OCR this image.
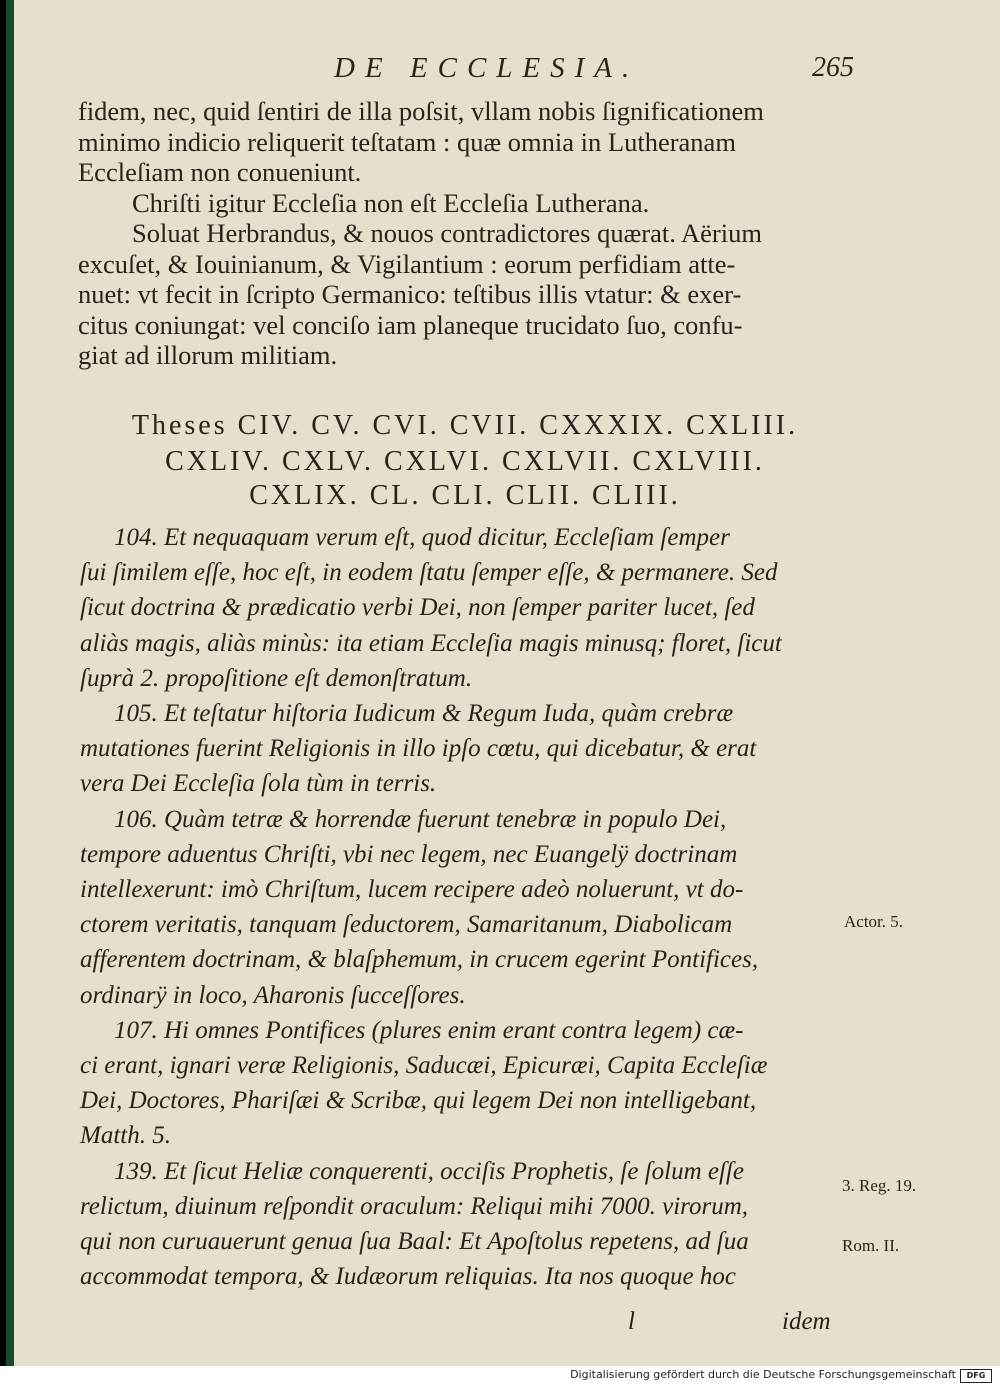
DE ECCLESIA.	265
l	idem
Actor. 5.
3. Reg. 19.
Rom. II.
fidem, nec, quid ſentiri de illa poſsit, vllam nobis ſignificationem
minimo indicio reliquerit teſtatam : quæ omnia in Lutheranam
Eccleſiam non conueniunt.
Chriſti igitur Eccleſia non eſt Eccleſia Lutherana.
Soluat Herbrandus, & nouos contradictores quærat. Aërium
excuſet, & Iouinianum, & Vigilantium : eorum perfidiam atte-
nuet: vt fecit in ſcripto Germanico: teſtibus illis vtatur: & exer-
citus coniungat: vel conciſo iam planeque trucidato ſuo, confu-
giat ad illorum militiam.
Theses CIV. CV. CVI. CVII. CXXXIX. CXLIII.
CXLIV. CXLV. CXLVI. CXLVII. CXLVIII.
CXLIX. CL. CLI. CLII. CLIII.
104. Et nequaquam verum eſt, quod dicitur, Eccleſiam ſemper
ſui ſimilem eſſe, hoc eſt, in eodem ſtatu ſemper eſſe, & permanere. Sed
ſicut doctrina & prædicatio verbi Dei, non ſemper pariter lucet, ſed
aliàs magis, aliàs minùs: ita etiam Eccleſia magis minusq; floret, ſicut
ſuprà 2. propoſitione eſt demonſtratum.
105. Et teſtatur hiſtoria Iudicum & Regum Iuda, quàm crebræ
mutationes fuerint Religionis in illo ipſo cœtu, qui dicebatur, & erat
vera Dei Eccleſia ſola tùm in terris.
106. Quàm tetræ & horrendæ fuerunt tenebræ in populo Dei,
tempore aduentus Chriſti, vbi nec legem, nec Euangelÿ doctrinam
intellexerunt: imò Chriſtum, lucem recipere adeò noluerunt, vt do-
ctorem veritatis, tanquam ſeductorem, Samaritanum, Diabolicam
afferentem doctrinam, & blaſphemum, in crucem egerint Pontifices,
ordinarÿ in loco, Aharonis ſucceſſores.
107. Hi omnes Pontifices (plures enim erant contra legem) cæ-
ci erant, ignari veræ Religionis, Saducæi, Epicuræi, Capita Eccleſiæ
Dei, Doctores, Phariſæi & Scribæ, qui legem Dei non intelligebant,
Matth. 5.
139. Et ſicut Heliæ conquerenti, occiſis Prophetis, ſe ſolum eſſe
relictum, diuinum reſpondit oraculum: Reliqui mihi 7000. virorum,
qui non curuauerunt genua ſua Baal: Et Apoſtolus repetens, ad ſua
accommodat tempora, & Iudæorum reliquias. Ita nos quoque hoc
Digitalisierung gefördert durch die Deutsche Forschungsgemeinschaft	DFG
